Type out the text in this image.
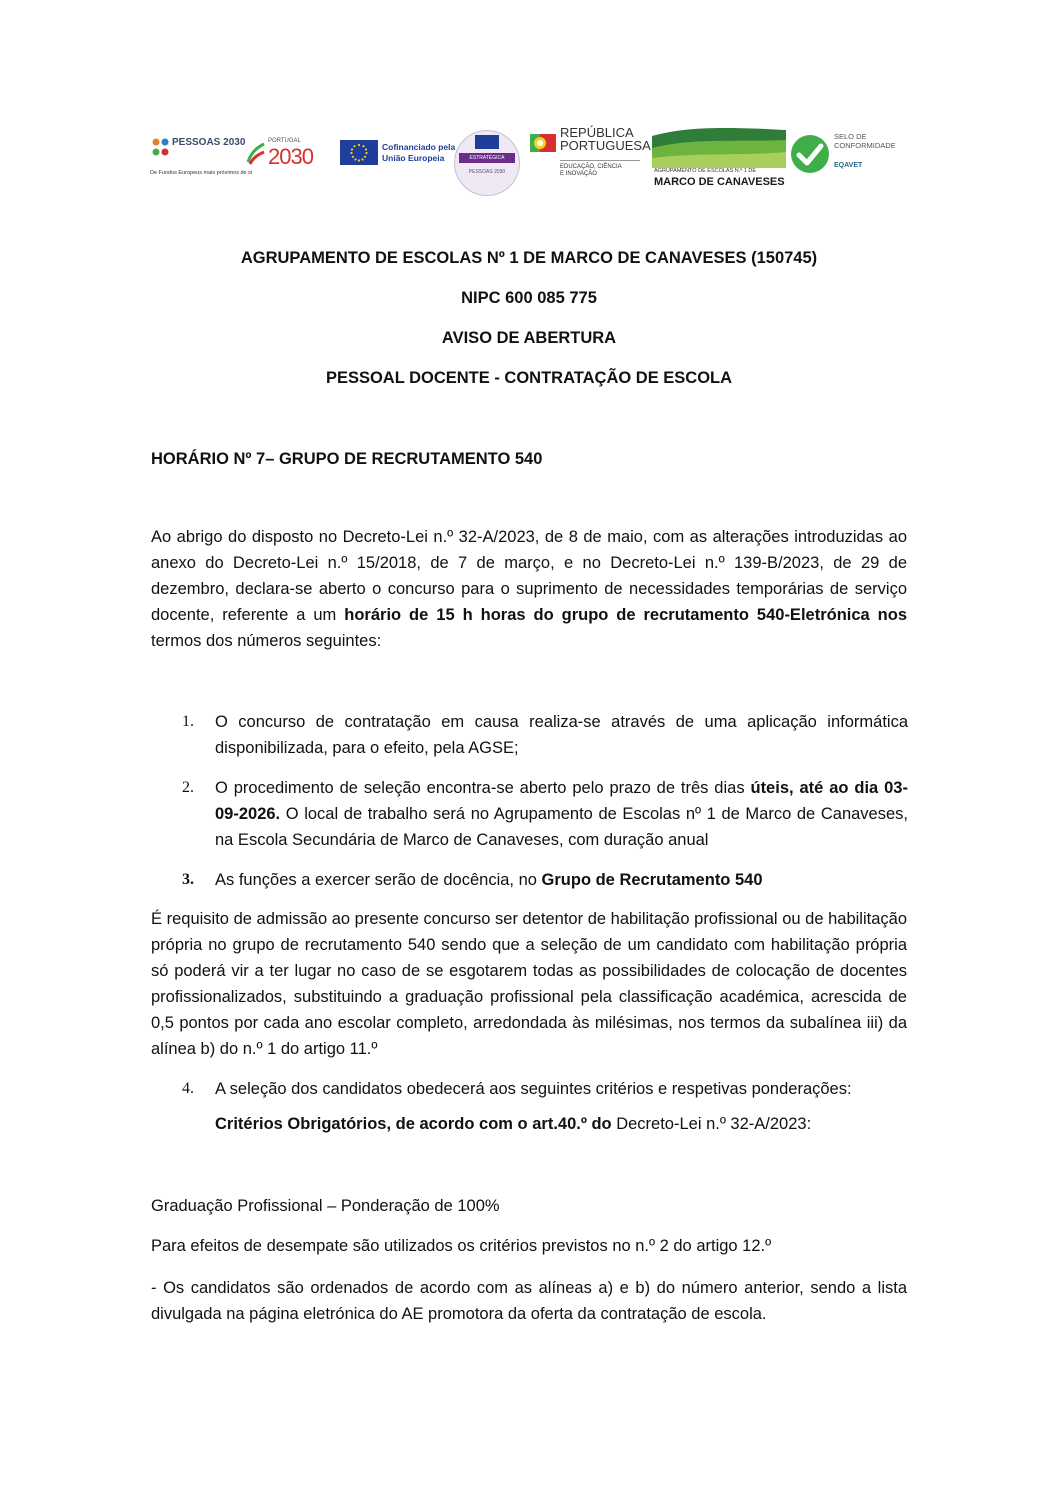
PESSOAS 2030
De Fundos Europeus mais próximos de si
PORTUGAL
2030	Cofinanciado pela
União Europeia	ESTRATÉGICA
PESSOAS 2030
REPÚBLICA
PORTUGUESA
EDUCAÇÃO, CIÊNCIA
E INOVAÇÃO	AGRUPAMENTO DE ESCOLAS N.º 1 DE
MARCO DE CANAVESES
SELO DE
CONFORMIDADE
EQAVET
AGRUPAMENTO DE ESCOLAS Nº 1 DE MARCO DE CANAVESES (150745)
NIPC 600 085 775
AVISO DE ABERTURA
PESSOAL DOCENTE - CONTRATAÇÃO DE ESCOLA
HORÁRIO Nº 7– GRUPO DE RECRUTAMENTO 540
Ao abrigo do disposto no Decreto-Lei n.º 32-A/2023, de 8 de maio, com as alterações introduzidas ao anexo do Decreto-Lei n.º 15/2018, de 7 de março, e no Decreto-Lei n.º 139-B/2023, de 29 de dezembro, declara-se aberto o concurso para o suprimento de necessidades temporárias de serviço docente, referente a um horário de 15 h horas do grupo de recrutamento 540-Eletrónica nos termos dos números seguintes:
1. O concurso de contratação em causa realiza-se através de uma aplicação informática disponibilizada, para o efeito, pela AGSE;
2. O procedimento de seleção encontra-se aberto pelo prazo de três dias úteis, até ao dia 03-09-2026. O local de trabalho será no Agrupamento de Escolas nº 1 de Marco de Canaveses, na Escola Secundária de Marco de Canaveses, com duração anual
3. As funções a exercer serão de docência, no Grupo de Recrutamento 540
É requisito de admissão ao presente concurso ser detentor de habilitação profissional ou de habilitação própria no grupo de recrutamento 540 sendo que a seleção de um candidato com habilitação própria só poderá vir a ter lugar no caso de se esgotarem todas as possibilidades de colocação de docentes profissionalizados, substituindo a graduação profissional pela classificação académica, acrescida de 0,5 pontos por cada ano escolar completo, arredondada às milésimas, nos termos da subalínea iii) da alínea b) do n.º 1 do artigo 11.º
4. A seleção dos candidatos obedecerá aos seguintes critérios e respetivas ponderações:
Critérios Obrigatórios, de acordo com o art.40.º do Decreto-Lei n.º 32-A/2023:
Graduação Profissional – Ponderação de 100%
Para efeitos de desempate são utilizados os critérios previstos no n.º 2 do artigo 12.º
- Os candidatos são ordenados de acordo com as alíneas a) e b) do número anterior, sendo a lista divulgada na página eletrónica do AE promotora da oferta da contratação de escola.
